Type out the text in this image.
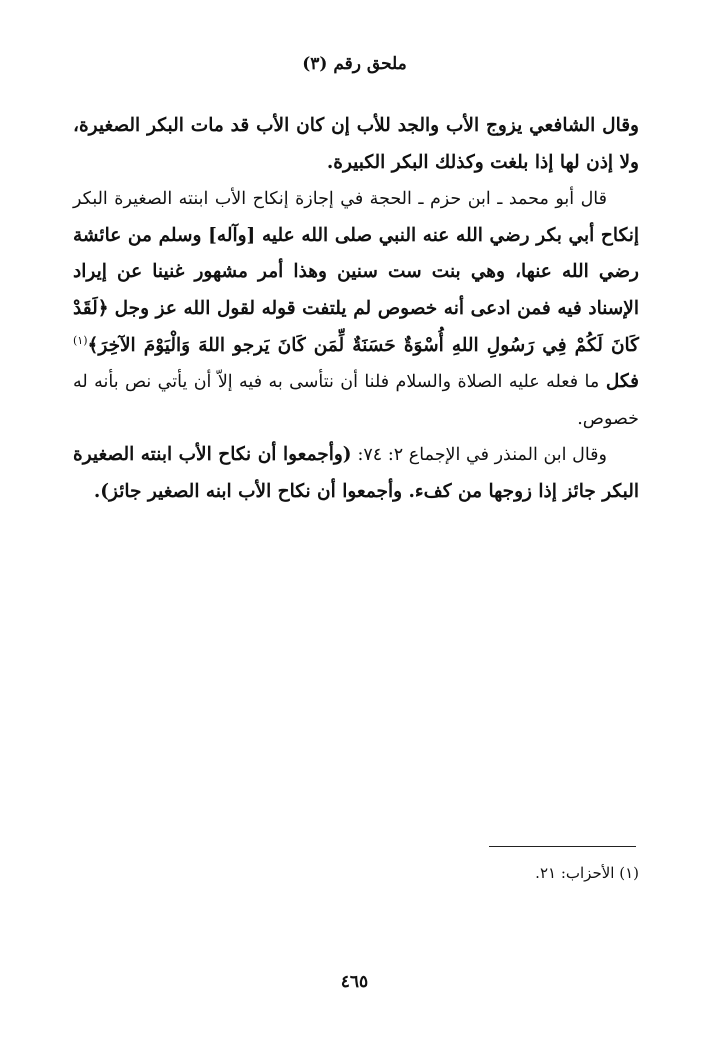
ملحق رقم (٣)

وقال الشافعي يزوج الأب والجد للأب إن كان الأب قد مات البكر الصغيرة، ولا إذن لها إذا بلغت وكذلك البكر الكبيرة.

قال أبو محمد ـ ابن حزم ـ الحجة في إجازة إنكاح الأب ابنته الصغيرة البكر إنكاح أبي بكر رضي الله عنه النبي صلى الله عليه [وآله] وسلم من عائشة رضي الله عنها، وهي بنت ست سنين وهذا أمر مشهور غنينا عن إيراد الإسناد فيه فمن ادعى أنه خصوص لم يلتفت قوله لقول الله عز وجل ﴿لَقَدْ كَانَ لَكُمْ فِي رَسُولِ اللهِ أُسْوَةٌ حَسَنَةٌ لِّمَن كَانَ يَرجو اللهَ وَالْيَوْمَ الآخِرَ﴾$^{(١)}$ فكل ما فعله عليه الصلاة والسلام فلنا أن نتأسى به فيه إلاّ أن يأتي نص بأنه له خصوص.

وقال ابن المنذر في الإجماع ٢: ٧٤: (وأجمعوا أن نكاح الأب ابنته الصغيرة البكر جائز إذا زوجها من كفء. وأجمعوا أن نكاح الأب ابنه الصغير جائز).

(١) الأحزاب: ٢١.
٤٦٥
